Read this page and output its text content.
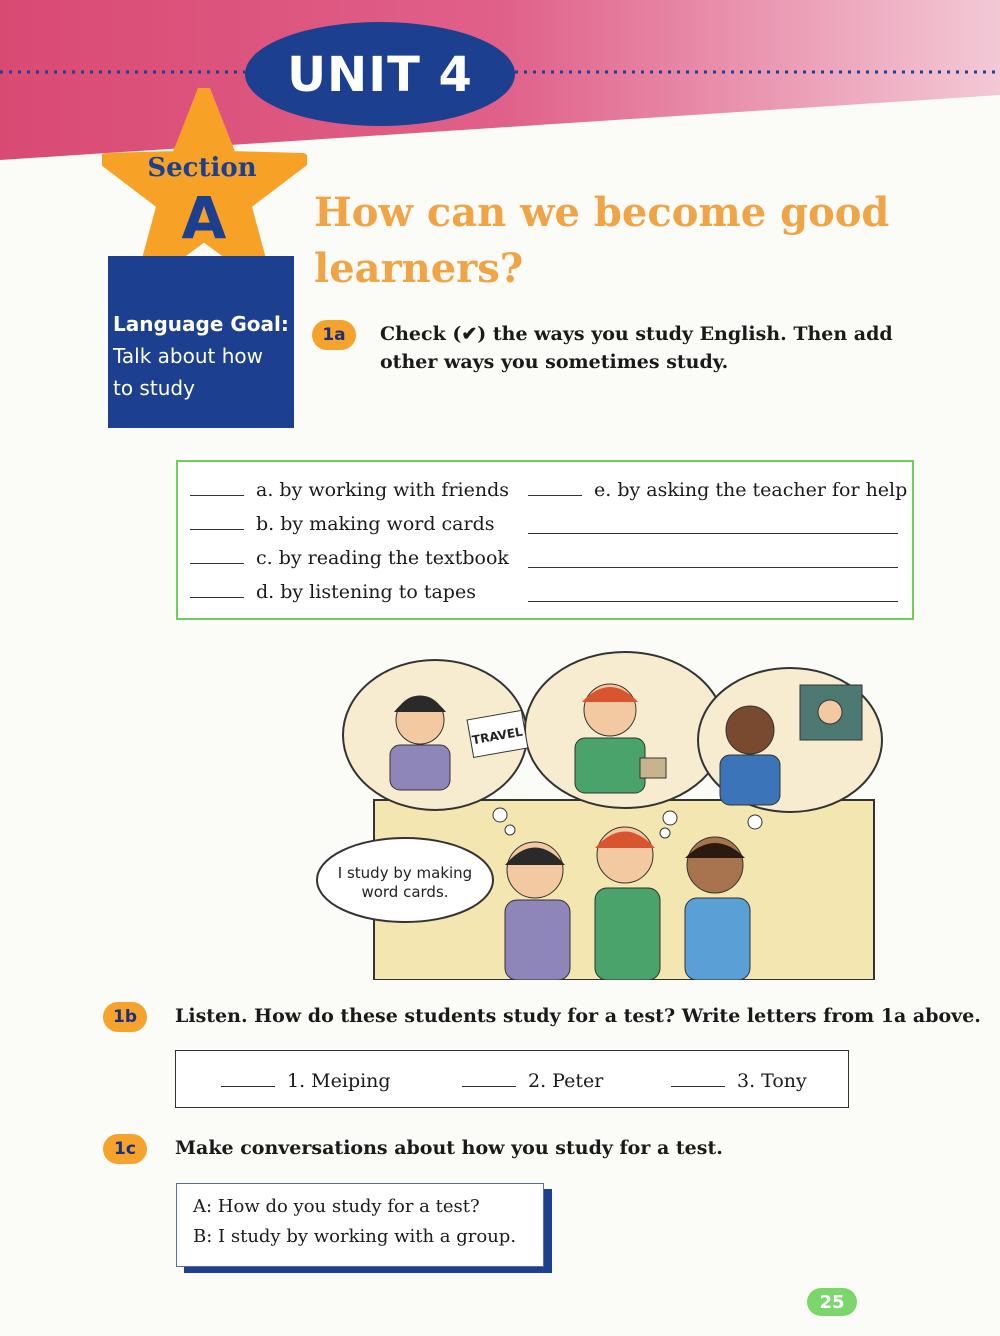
UNIT 4
Section
A
Language Goal:
Talk about how
to study
How can we become good
learners?
1a	Check (✔) the ways you study English. Then add
other ways you sometimes study.
a. by working with friends
b. by making word cards
c. by reading the textbook
d. by listening to tapes
e. by asking the teacher for help
TRAVEL
I study by making
word cards.
1b	Listen. How do these students study for a test? Write letters from 1a above.
1. Meiping	2. Peter	3. Tony
1c	Make conversations about how you study for a test.
A: How do you study for a test?
B: I study by working with a group.
25
